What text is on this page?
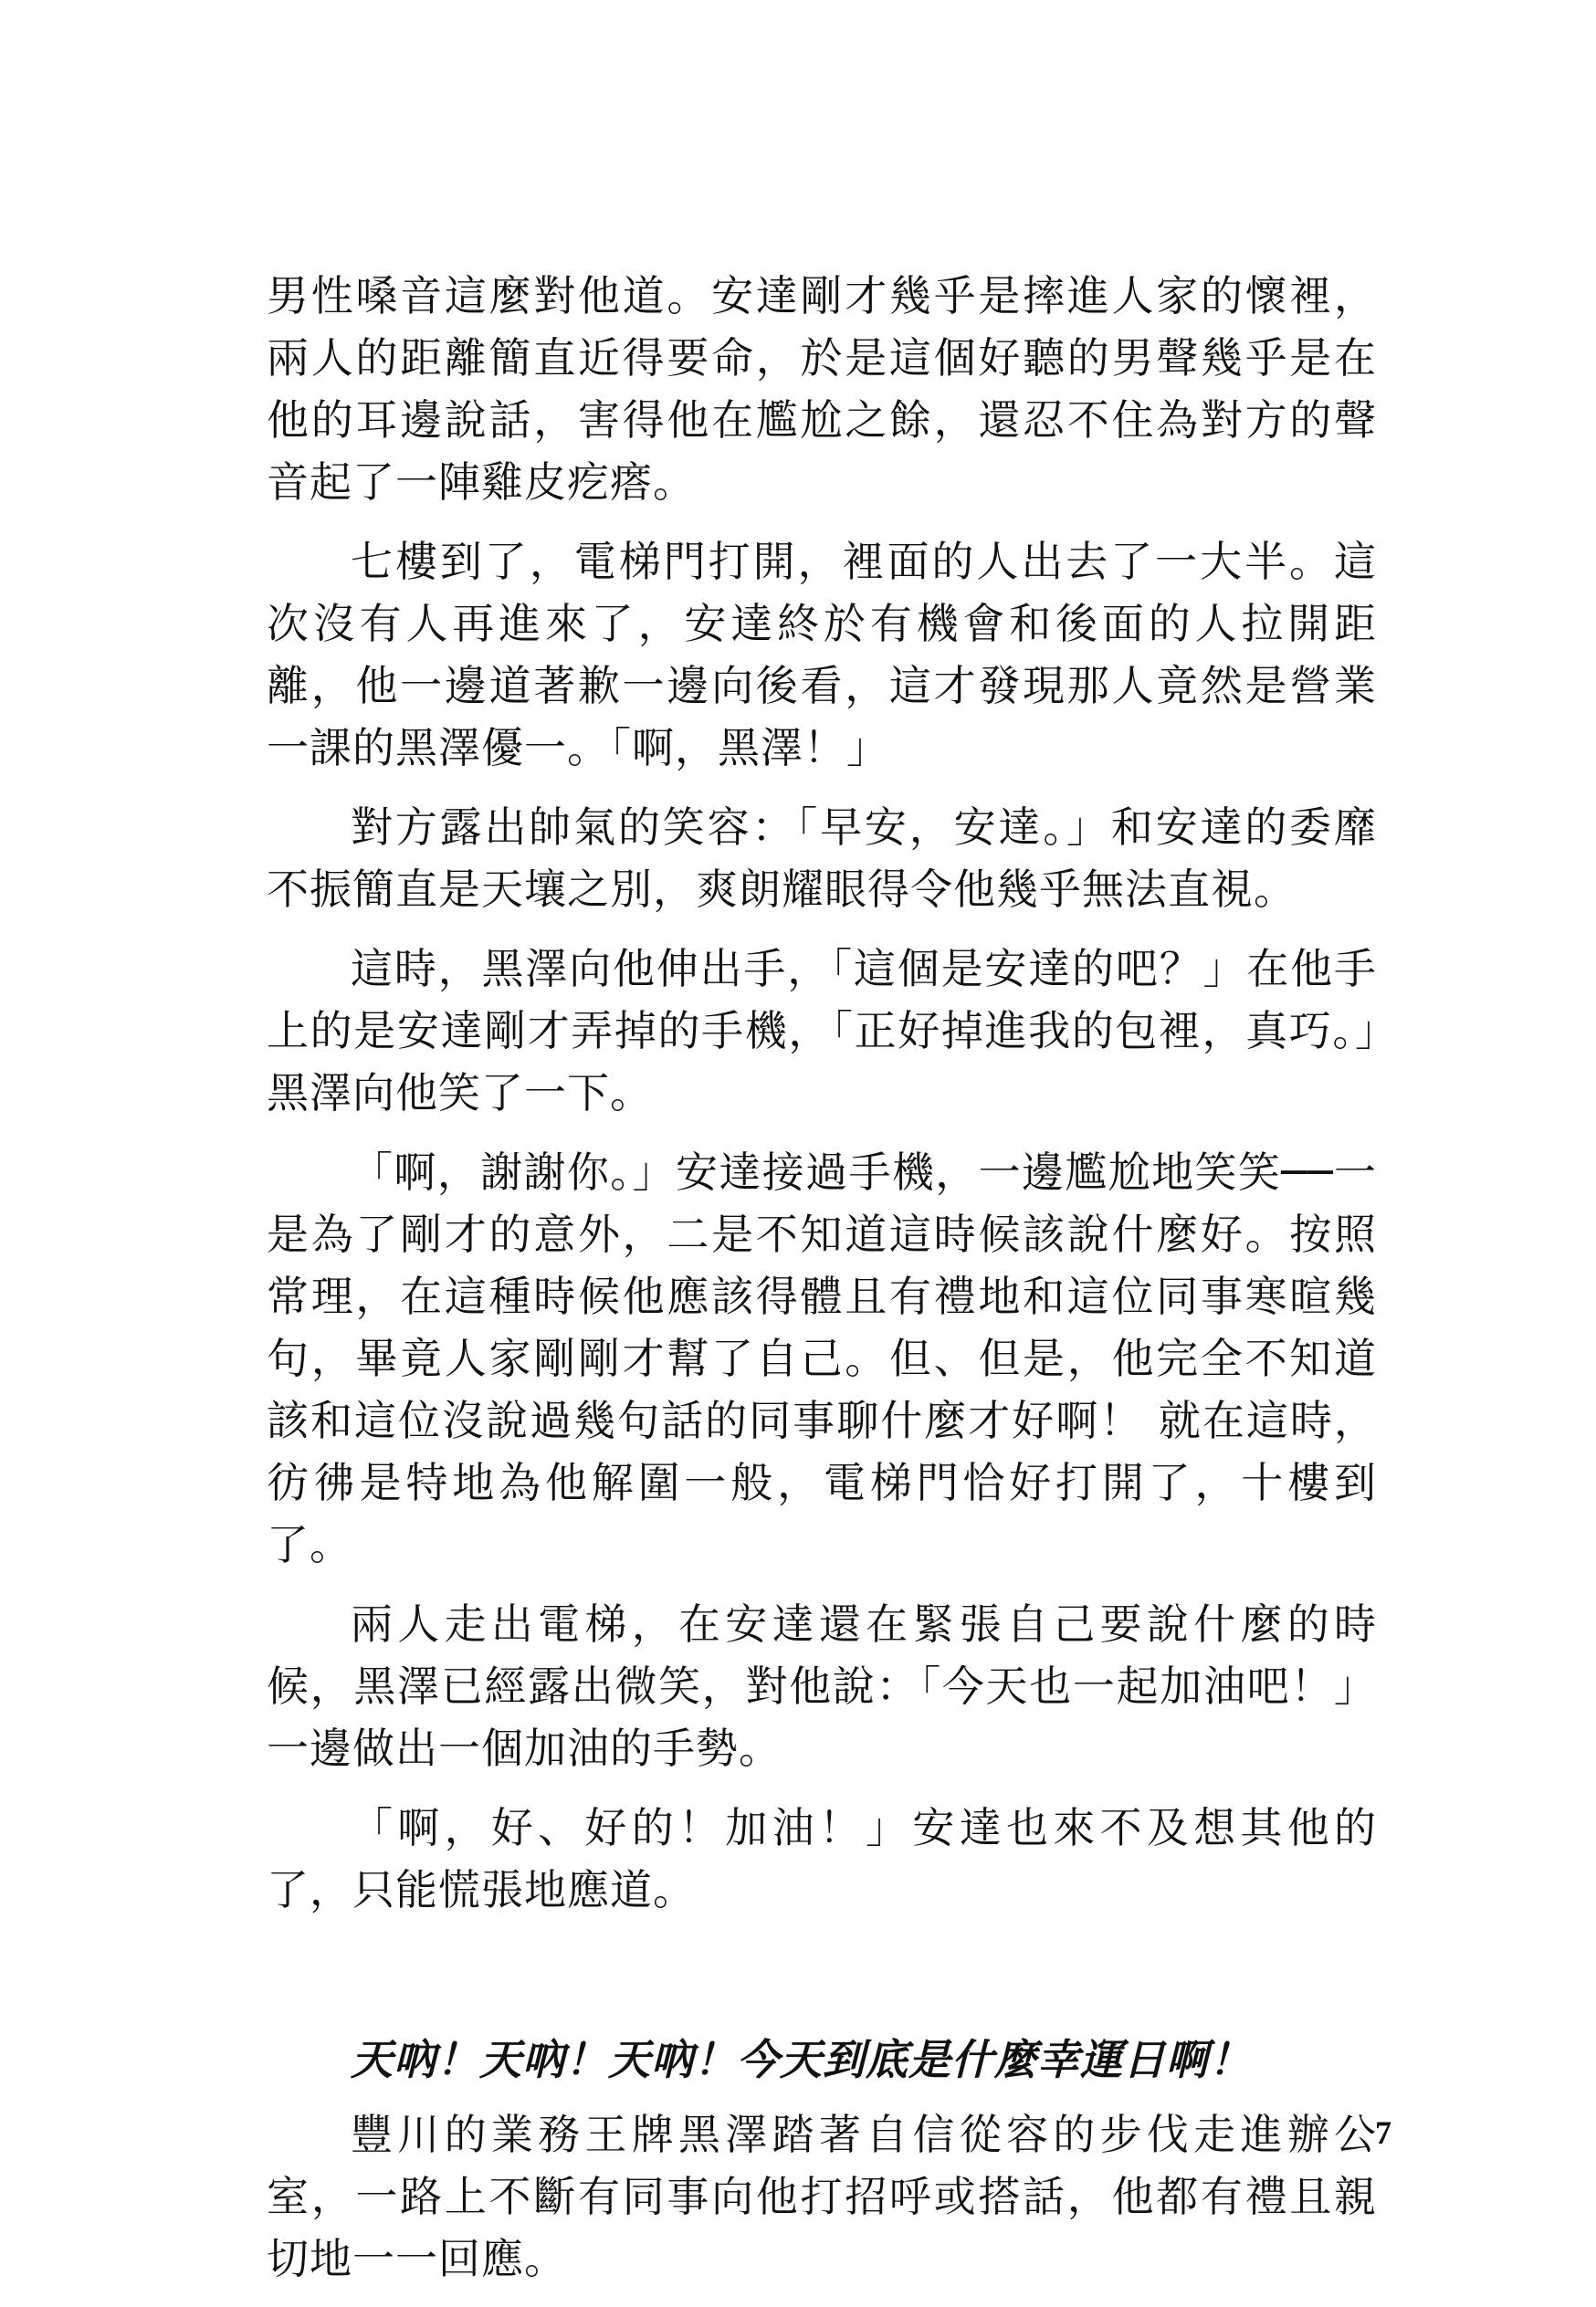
男性嗓音這麼對他道。安達剛才幾乎是摔進人家的懷裡，兩人的距離簡直近得要命，於是這個好聽的男聲幾乎是在他的耳邊說話，害得他在尷尬之餘，還忍不住為對方的聲音起了一陣雞皮疙瘩。

七樓到了，電梯門打開，裡面的人出去了一大半。這次沒有人再進來了，安達終於有機會和後面的人拉開距離，他一邊道著歉一邊向後看，這才發現那人竟然是營業一課的黑澤優一。「啊，黑澤！」

對方露出帥氣的笑容：「早安，安達。」和安達的委靡不振簡直是天壤之別，爽朗耀眼得令他幾乎無法直視。

這時，黑澤向他伸出手，「這個是安達的吧？」在他手上的是安達剛才弄掉的手機，「正好掉進我的包裡，真巧。」黑澤向他笑了一下。

「啊，謝謝你。」安達接過手機，一邊尷尬地笑笑──一是為了剛才的意外，二是不知道這時候該說什麼好。按照常理，在這種時候他應該得體且有禮地和這位同事寒暄幾句，畢竟人家剛剛才幫了自己。但、但是，他完全不知道該和這位沒說過幾句話的同事聊什麼才好啊！ 就在這時，彷彿是特地為他解圍一般，電梯門恰好打開了，十樓到了。

兩人走出電梯，在安達還在緊張自己要說什麼的時候，黑澤已經露出微笑，對他說：「今天也一起加油吧！」一邊做出一個加油的手勢。

「啊，好、好的！加油！」安達也來不及想其他的了，只能慌張地應道。

天吶！天吶！天吶！今天到底是什麼幸運日啊！

豐川的業務王牌黑澤踏著自信從容的步伐走進辦公室，一路上不斷有同事向他打招呼或搭話，他都有禮且親切地一一回應。

7
